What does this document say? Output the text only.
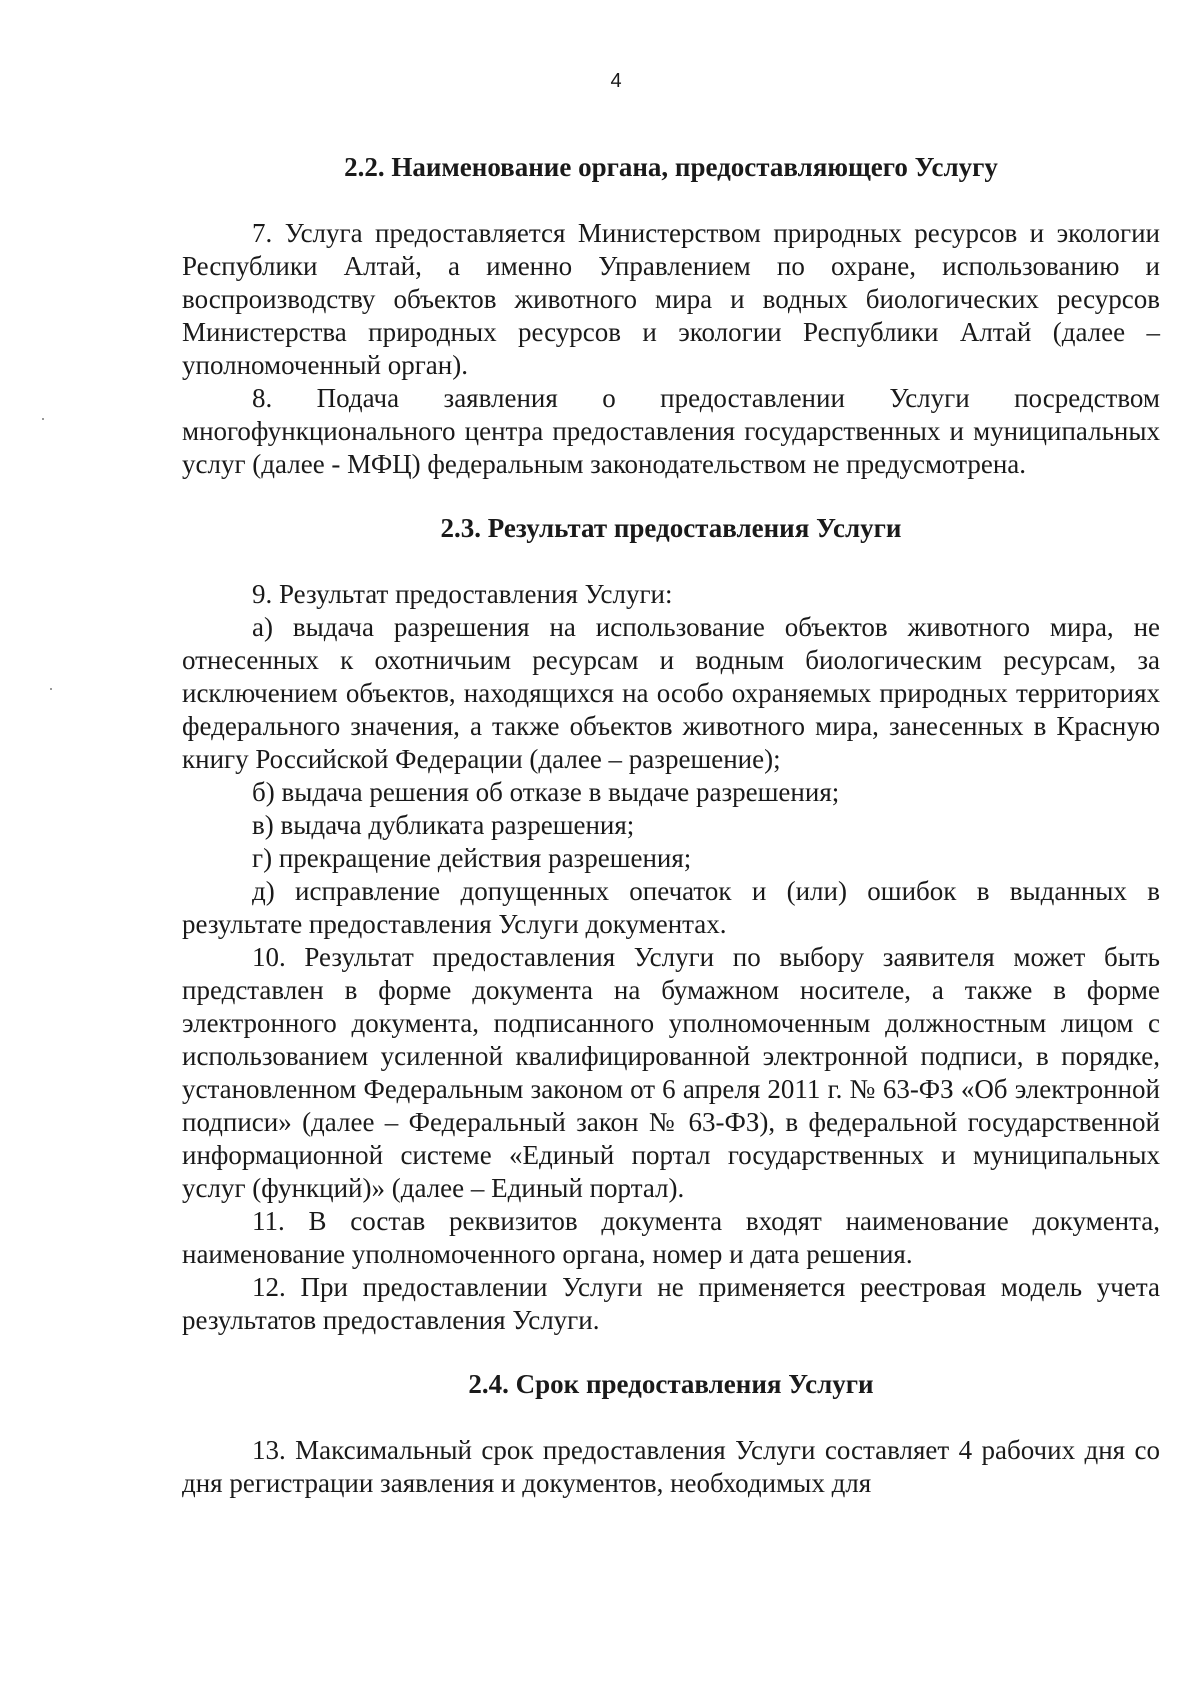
4
2.2. Наименование органа, предоставляющего Услугу

7. Услуга предоставляется Министерством природных ресурсов и экологии Республики Алтай, а именно Управлением по охране, использованию и воспроизводству объектов животного мира и водных биологических ресурсов Министерства природных ресурсов и экологии Республики Алтай (далее – уполномоченный орган).

8. Подача заявления о предоставлении Услуги посредством многофункционального центра предоставления государственных и муниципальных услуг (далее - МФЦ) федеральным законодательством не предусмотрена.

2.3. Результат предоставления Услуги

9. Результат предоставления Услуги:

а) выдача разрешения на использование объектов животного мира, не отнесенных к охотничьим ресурсам и водным биологическим ресурсам, за исключением объектов, находящихся на особо охраняемых природных территориях федерального значения, а также объектов животного мира, занесенных в Красную книгу Российской Федерации (далее – разрешение);

б) выдача решения об отказе в выдаче разрешения;

в) выдача дубликата разрешения;

г) прекращение действия разрешения;

д) исправление допущенных опечаток и (или) ошибок в выданных в результате предоставления Услуги документах.

10. Результат предоставления Услуги по выбору заявителя может быть представлен в форме документа на бумажном носителе, а также в форме электронного документа, подписанного уполномоченным должностным лицом с использованием усиленной квалифицированной электронной подписи, в порядке, установленном Федеральным законом от 6 апреля 2011 г. № 63-ФЗ «Об электронной подписи» (далее – Федеральный закон № 63-ФЗ), в федеральной государственной информационной системе «Единый портал государственных и муниципальных услуг (функций)» (далее – Единый портал).

11. В состав реквизитов документа входят наименование документа, наименование уполномоченного органа, номер и дата решения.

12. При предоставлении Услуги не применяется реестровая модель учета результатов предоставления Услуги.

2.4. Срок предоставления Услуги

13. Максимальный срок предоставления Услуги составляет 4 рабочих дня со дня регистрации заявления и документов, необходимых для
